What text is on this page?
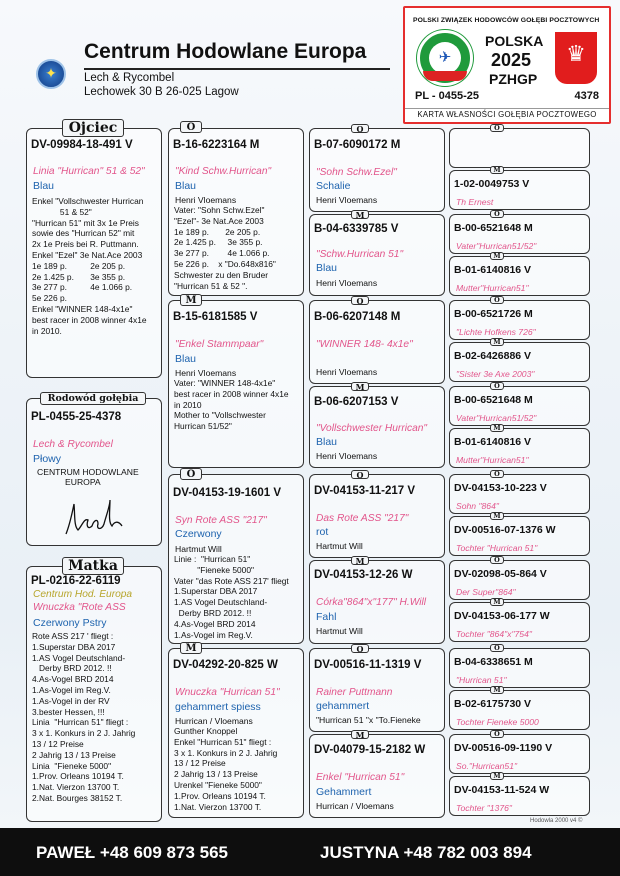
✦
Centrum Hodowlane Europa
Lech & Rycombel
Lechowek 30 B 26-025 Lagow
POLSKI ZWIĄZEK HODOWCÓW GOŁĘBI POCZTOWYCH
✈
POLSKA
2025
PZHGP
♛
PL - 0455-25	4378
KARTA WŁASNOŚCI GOŁĘBIA POCZTOWEGO
DV-09984-18-491 V
Linia "Hurrican" 51 & 52"
Blau
Enkel "Vollschwester Hurrican
51 & 52"
"Hurrican 51" mit 3x 1e Preis
sowie des "Hurrican 52" mit
2x 1e Preis bei R. Puttmann.
Enkel "Ezel" 3e Nat.Ace 2003
1e 189 p.          2e 205 p.
2e 1.425 p.       3e 355 p.
3e 277 p.          4e 1.066 p.
5e 226 p.
Enkel "WINNER 148-4x1e"
best racer in 2008 winner 4x1e
in 2010.
Ojciec
PL-0455-25-4378
Lech & Rycombel
Płowy
CENTRUM HODOWLANE
EUROPA
Rodowód gołębia
PL-0216-22-6119
Centrum Hod. Europa
Wnuczka "Rote ASS
Czerwony Pstry
Rote ASS 217 ' fliegt :
1.Superstar DBA 2017
1.AS Vogel Deutschland-
Derby BRD 2012. !!
4.As-Vogel BRD 2014
1.As-Vogel im Reg.V.
1.As-Vogel in der RV
3.bester Hessen, !!!
Linia  "Hurrican 51" fliegt :
3 x 1. Konkurs in 2 J. Jahrig
13 / 12 Preise
2 Jahrig 13 / 13 Preise
Linia  "Fieneke 5000"
1.Prov. Orleans 10194 T.
1.Nat. Vierzon 13700 T.
2.Nat. Bourges 38152 T.
Matka
B-16-6223164 M
"Kind Schw.Hurrican"
Blau
Henri Vloemans
Vater: "Sohn Schw.Ezel"
"Ezel"- 3e Nat.Ace 2003
1e 189 p.       2e 205 p.
2e 1.425 p.     3e 355 p.
3e 277 p.        4e 1.066 p.
5e 226 p.    x "Do.648x816"
Schwester zu den Bruder
"Hurrican 51 & 52 ".
O
B-15-6181585 V
"Enkel Stammpaar"
Blau
Henri Vloemans
Vater: "WINNER 148-4x1e"
best racer in 2008 winner 4x1e
in 2010
Mother to "Vollschwester
Hurrican 51/52"
M
DV-04153-19-1601 V
Syn Rote ASS "217"
Czerwony
Hartmut Will
Linie :  "Hurrican 51"
"Fieneke 5000"
Vater "das Rote ASS 217' fliegt
1.Superstar DBA 2017
1.AS Vogel Deutschland-
Derby BRD 2012. !!
4.As-Vogel BRD 2014
1.As-Vogel im Reg.V.
O
DV-04292-20-825 W
Wnuczka "Hurrican 51"
gehammert spiess
Hurrican / Vloemans
Gunther Knoppel
Enkel "Hurrican 51" fliegt :
3 x 1. Konkurs in 2 J. Jahrig
13 / 12 Preise
2 Jahrig 13 / 13 Preise
Urenkel "Fieneke 5000"
1.Prov. Orleans 10194 T.
1.Nat. Vierzon 13700 T.
M
B-07-6090172 M
"Sohn Schw.Ezel"
Schalie
Henri Vloemans
O
B-04-6339785 V
"Schw.Hurrican 51"
Blau
Henri Vloemans
M
B-06-6207148 M
"WINNER 148- 4x1e"
Henri Vloemans
O
B-06-6207153 V
"Vollschwester Hurrican"
Blau
Henri Vloemans
M
DV-04153-11-217 V
Das Rote ASS "217"
rot
Hartmut Will
O
DV-04153-12-26 W
Córka"864"x"177" H.Will
Fahl
Hartmut Will
M
DV-00516-11-1319 V
Rainer Puttmann
gehammert
"Hurrican 51 "x "To.Fieneke
O
DV-04079-15-2182 W
Enkel "Hurrican 51"
Gehammert
Hurrican / Vloemans
M
Hodowla 2000 v4 ©
PAWEŁ +48 609 873 565	JUSTYNA +48 782 003 894
O
1-02-0049753 V
Th Ernest
M
B-00-6521648 M
Vater"Hurrican51/52"
O
B-01-6140816 V
Mutter"Hurrican51"
M
B-00-6521726 M
"Lichte Hofkens 726"
O
B-02-6426886 V
"Sister 3e Axe 2003"
M
B-00-6521648 M
Vater"Hurrican51/52"
O
B-01-6140816 V
Mutter"Hurrican51"
M
DV-04153-10-223 V
Sohn "864"
O
DV-00516-07-1376 W
Tochter "Hurrican 51"
M
DV-02098-05-864 V
Der Super"864"
O
DV-04153-06-177 W
Tochter "864"x"754"
M
B-04-6338651 M
"Hurrican 51"
O
B-02-6175730 V
Tochter Fieneke 5000
M
DV-00516-09-1190 V
So."Hurrican51"
O
DV-04153-11-524 W
Tochter "1376"
M
